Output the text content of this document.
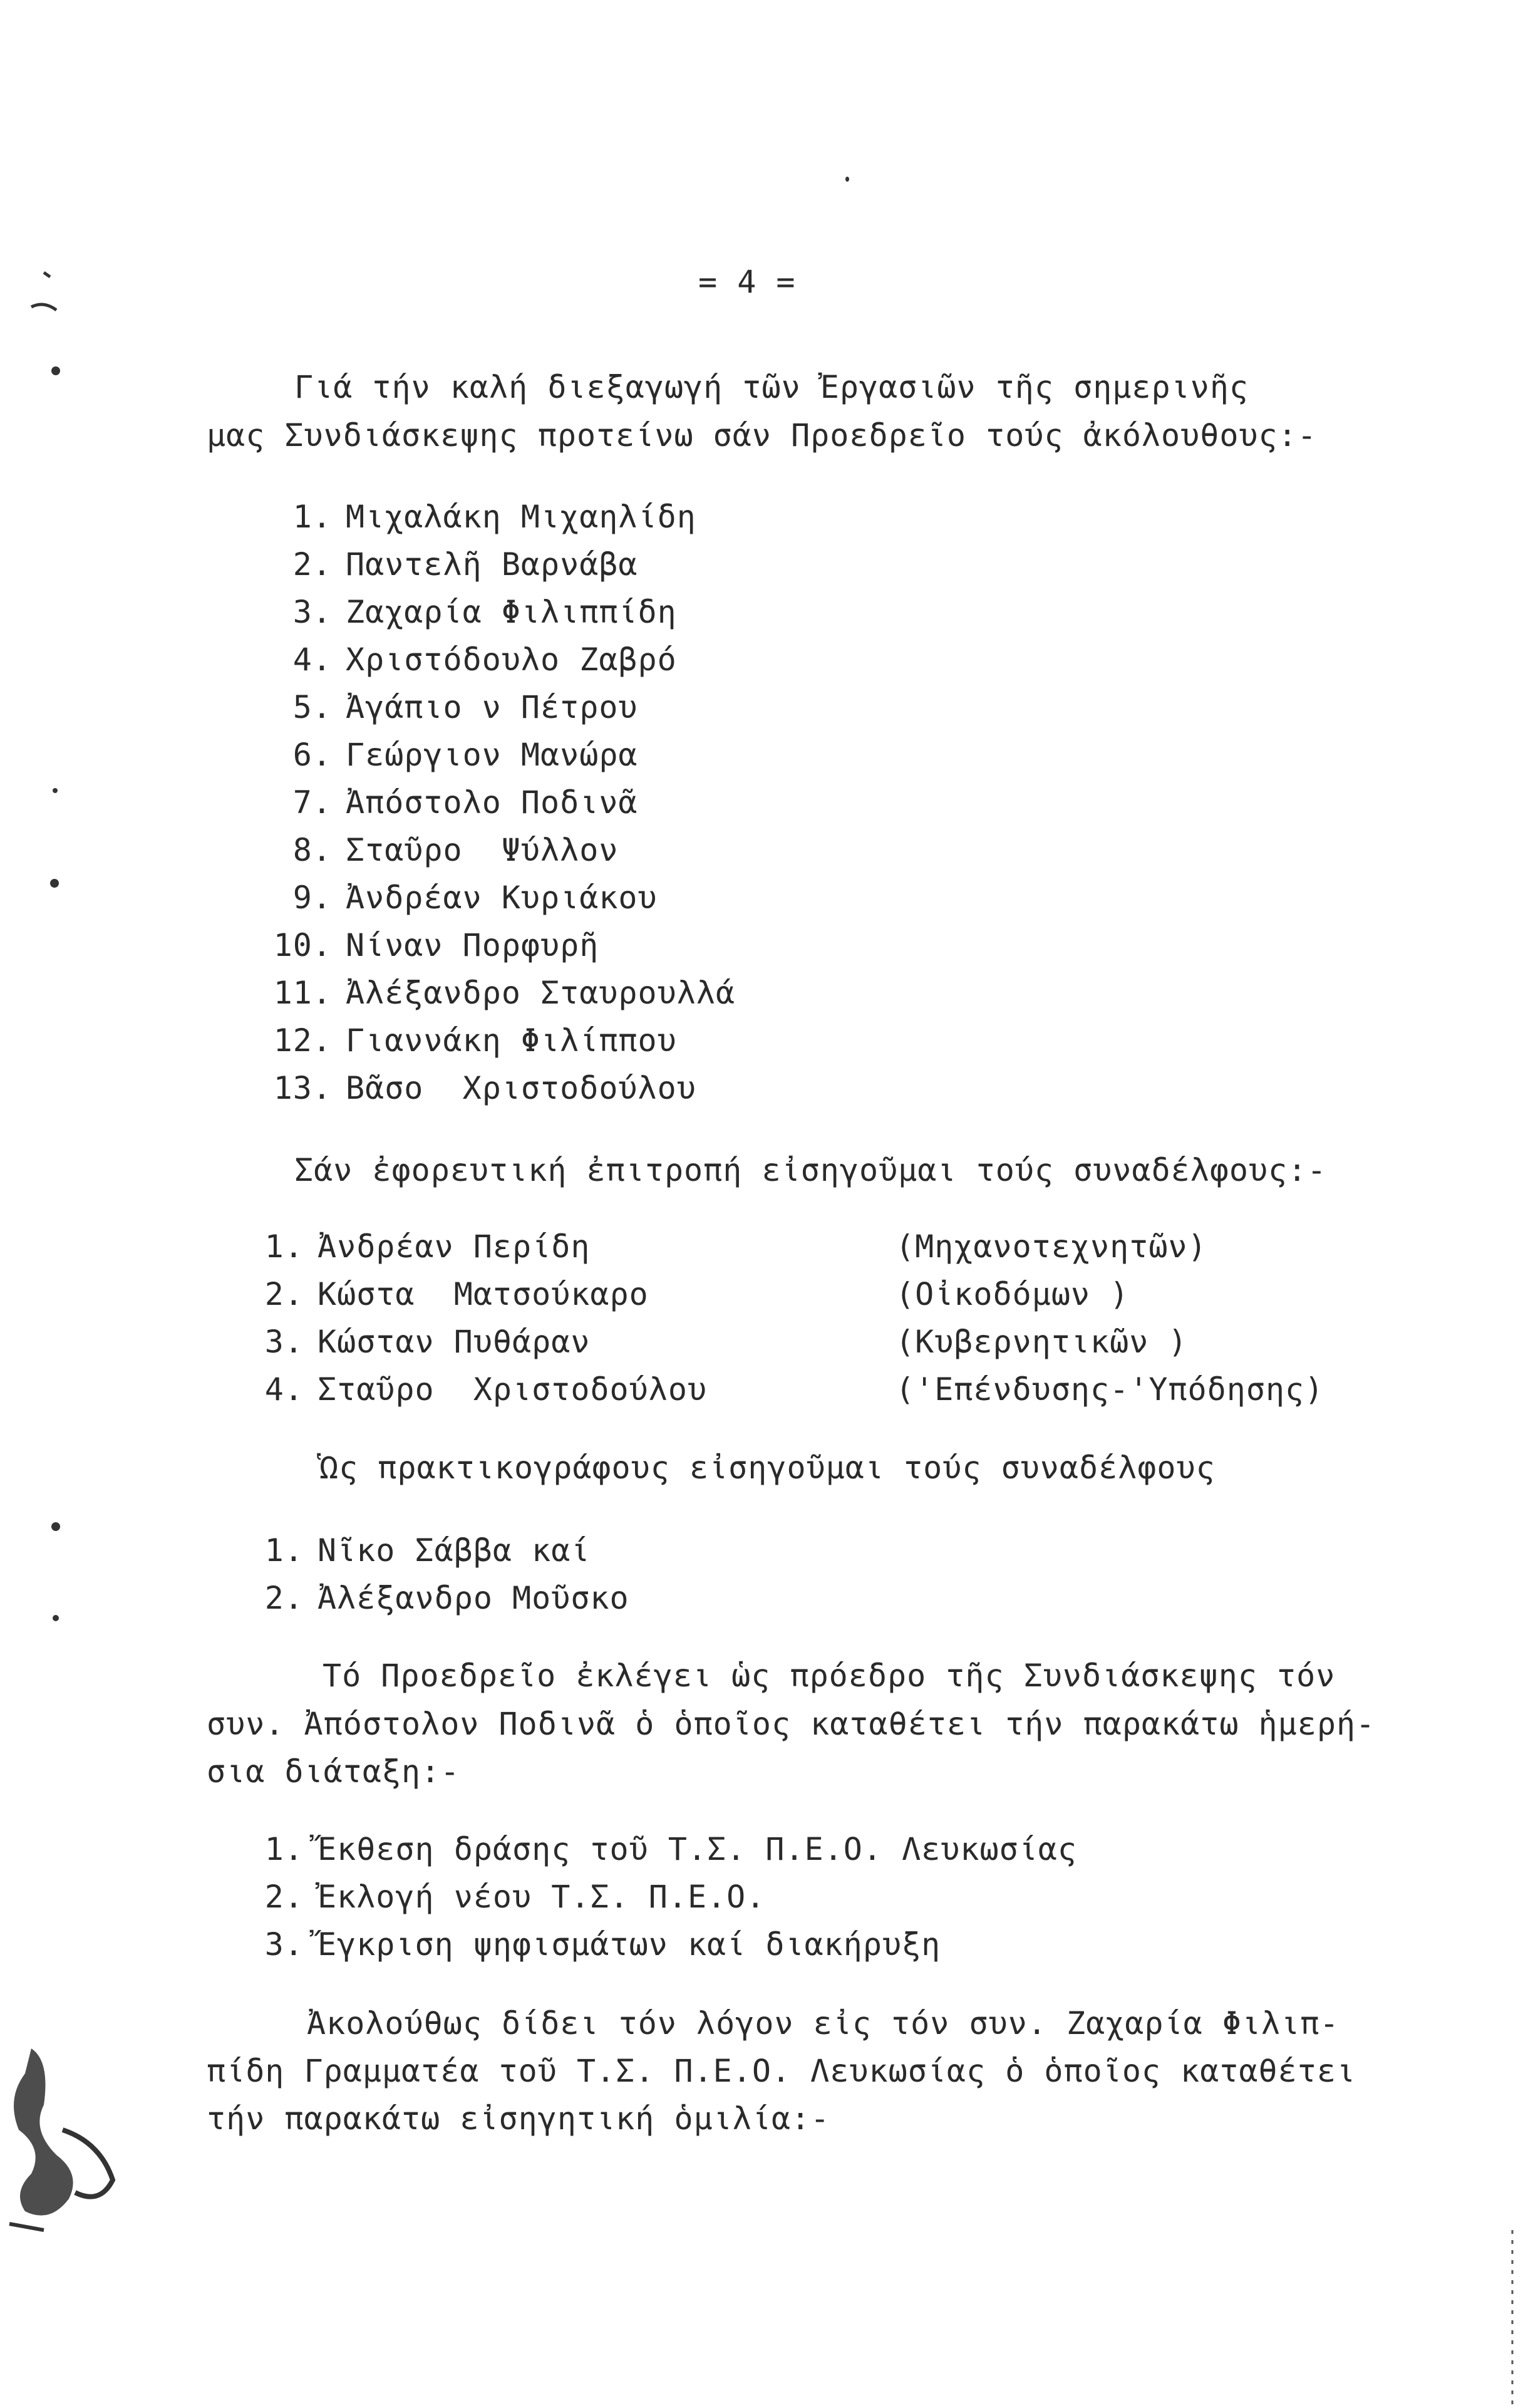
= 4 =
Γιά τήν καλή διεξαγωγή τῶν Ἐργασιῶν τῆς σημερινῆς
μας Συνδιάσκεψης προτείνω σάν Προεδρεῖο τούς ἀκόλουθους:-
1. Μιχαλάκη Μιχαηλίδη
2. Παντελῆ Βαρνάβα
3. Ζαχαρία Φιλιππίδη
4. Χριστόδουλο Ζαβρό
5. Ἀγάπιο ν Πέτρου
6. Γεώργιον Μανώρα
7. Ἀπόστολο Ποδινᾶ
8. Σταῦρο  Ψύλλον
9. Ἀνδρέαν Κυριάκου
10. Νίναν Πορφυρῆ
11. Ἀλέξανδρο Σταυρουλλά
12. Γιαννάκη Φιλίππου
13. Βᾶσο  Χριστοδούλου
Σάν ἐφορευτική ἐπιτροπή εἰσηγοῦμαι τούς συναδέλφους:-
1. Ἀνδρέαν Περίδη	(Μηχανοτεχνητῶν)
2. Κώστα  Ματσούκαρο	(Οἰκοδόμων )
3. Κώσταν Πυθάραν	(Κυβερνητικῶν )
4. Σταῦρο  Χριστοδούλου	('Επένδυσης-'Υπόδησης)
Ὡς πρακτικογράφους εἰσηγοῦμαι τούς συναδέλφους
1. Νῖκο Σάββα καί
2. Ἀλέξανδρο Μοῦσκο
Τό Προεδρεῖο ἐκλέγει ὡς πρόεδρο τῆς Συνδιάσκεψης τόν
συν. Ἀπόστολον Ποδινᾶ ὁ ὁποῖος καταθέτει τήν παρακάτω ἡμερή-
σια διάταξη:-
1. Ἔκθεση δράσης τοῦ Τ.Σ. Π.Ε.Ο. Λευκωσίας
2. Ἐκλογή νέου Τ.Σ. Π.Ε.Ο.
3. Ἔγκριση ψηφισμάτων καί διακήρυξη
Ἀκολούθως δίδει τόν λόγον εἰς τόν συν. Ζαχαρία Φιλιπ-
πίδη Γραμματέα τοῦ Τ.Σ. Π.Ε.Ο. Λευκωσίας ὁ ὁποῖος καταθέτει
τήν παρακάτω εἰσηγητική ὁμιλία:-
